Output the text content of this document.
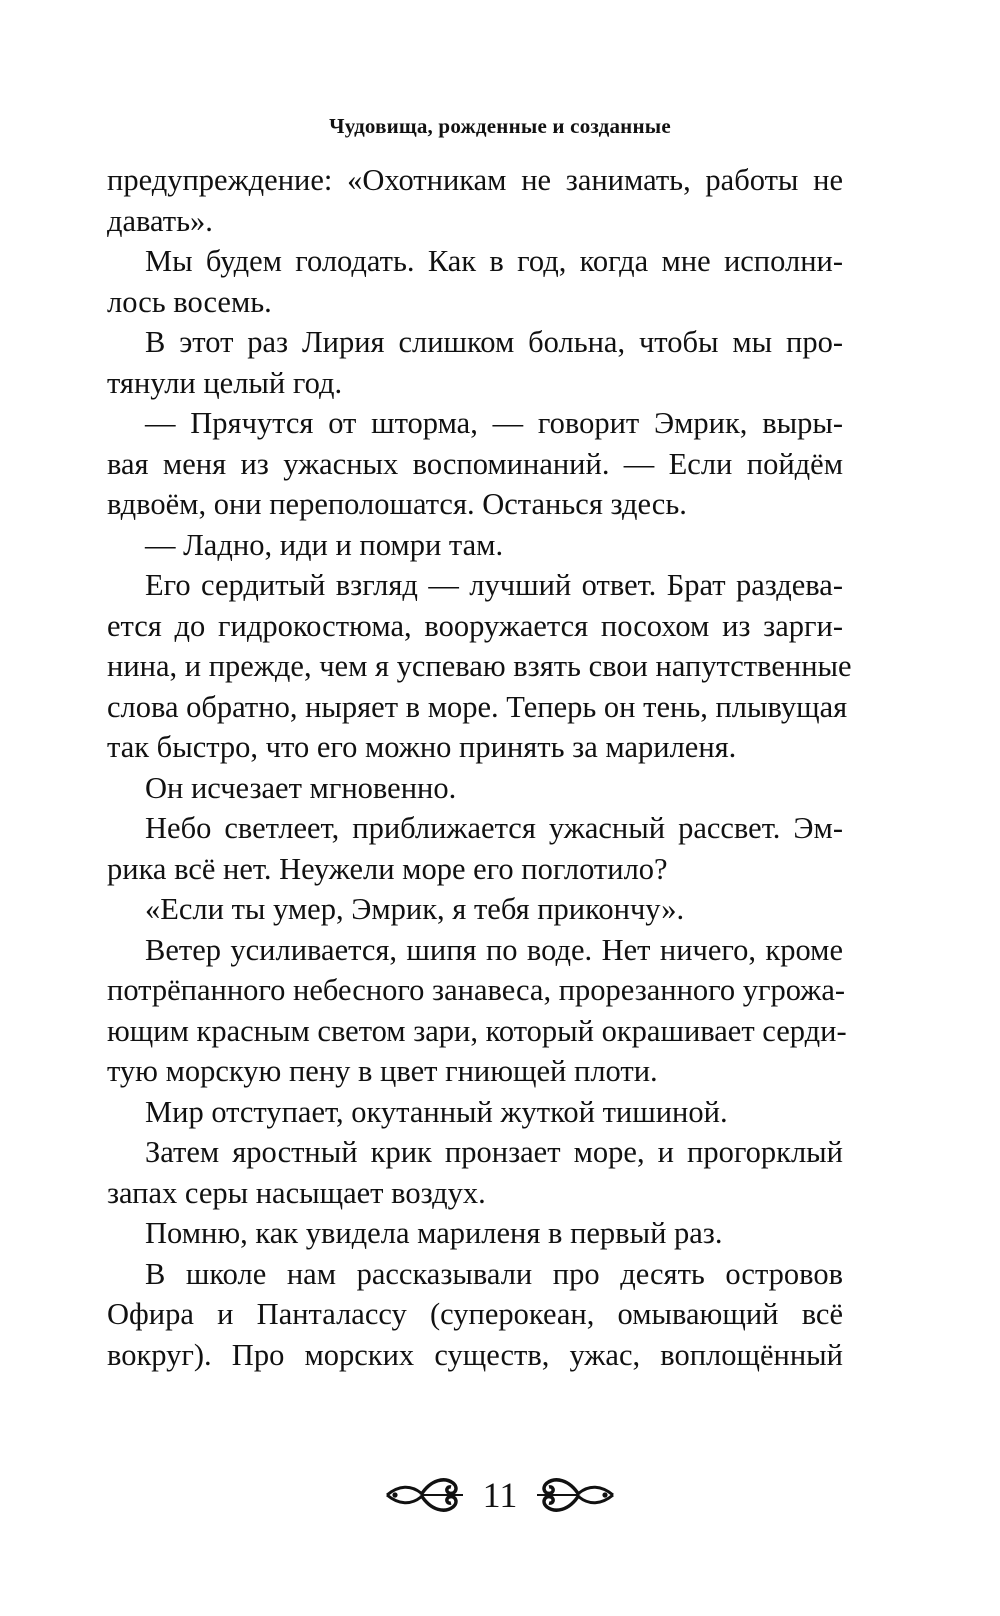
Чудовища, рожденные и созданные
предупреждение: «Охотникам не занимать, работы не
давать».
Мы будем голодать. Как в год, когда мне исполни-
лось восемь.
В этот раз Лирия слишком больна, чтобы мы про-
тянули целый год.
— Прячутся от шторма, — говорит Эмрик, выры-
вая меня из ужасных воспоминаний. — Если пойдём
вдвоём, они переполошатся. Останься здесь.
— Ладно, иди и помри там.
Его сердитый взгляд — лучший ответ. Брат раздева-
ется до гидрокостюма, вооружается посохом из зарги-
нина, и прежде, чем я успеваю взять свои напутственные
слова обратно, ныряет в море. Теперь он тень, плывущая
так быстро, что его можно принять за мариленя.
Он исчезает мгновенно.
Небо светлеет, приближается ужасный рассвет. Эм-
рика всё нет. Неужели море его поглотило?
«Если ты умер, Эмрик, я тебя прикончу».
Ветер усиливается, шипя по воде. Нет ничего, кроме
потрёпанного небесного занавеса, прорезанного угрожа-
ющим красным светом зари, который окрашивает серди-
тую морскую пену в цвет гниющей плоти.
Мир отступает, окутанный жуткой тишиной.
Затем яростный крик пронзает море, и прогорклый
запах серы насыщает воздух.
Помню, как увидела мариленя в первый раз.
В школе нам рассказывали про десять островов
Офира и Панталассу (суперокеан, омывающий всё
вокруг). Про морских существ, ужас, воплощённый
11
